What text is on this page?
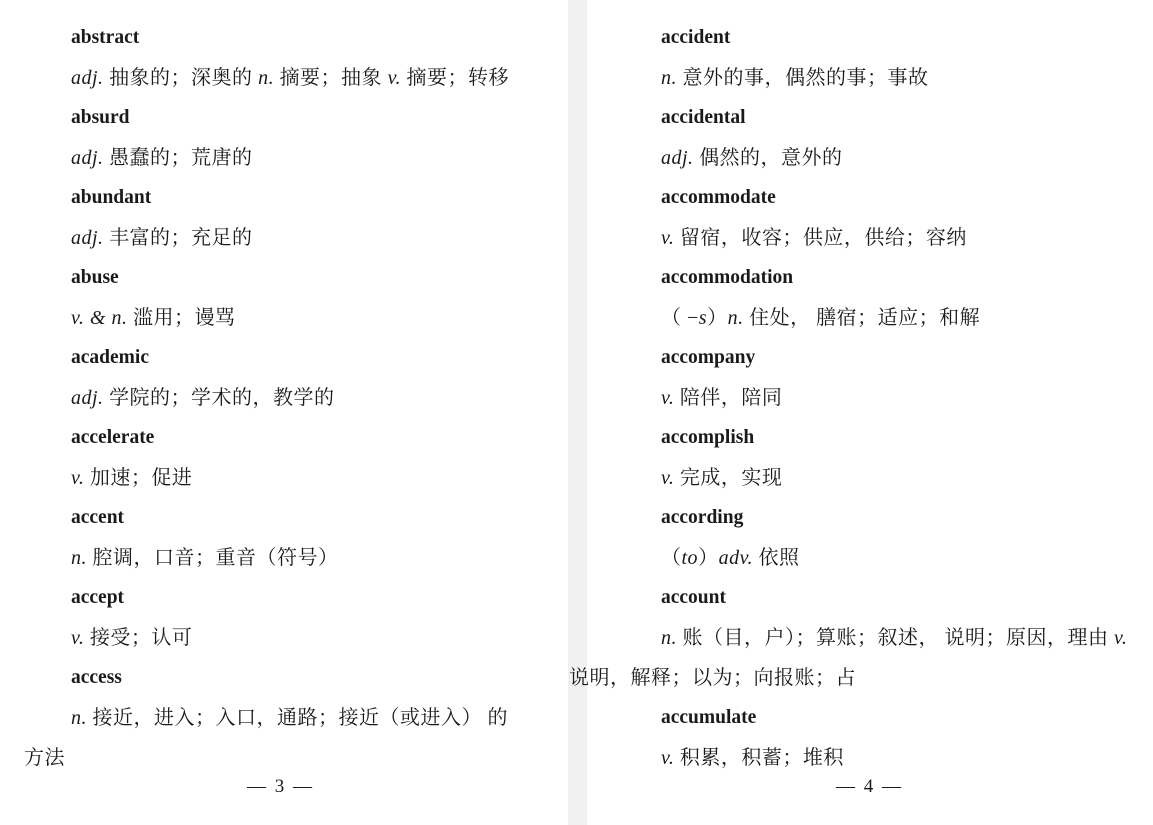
abstract
adj. 抽象的；深奥的 n. 摘要；抽象 v. 摘要；转移
absurd
adj. 愚蠢的；荒唐的
abundant
adj. 丰富的；充足的
abuse
v. & n. 滥用；谩骂
academic
adj. 学院的；学术的，教学的
accelerate
v. 加速；促进
accent
n. 腔调，口音；重音（符号）
accept
v. 接受；认可
access
n. 接近，进入；入口，通路；接近（或进入） 的
方法
— 3 —
accident
n. 意外的事，偶然的事；事故
accidental
adj. 偶然的，意外的
accommodate
v. 留宿，收容；供应，供给；容纳
accommodation
（ −s）n. 住处， 膳宿；适应；和解
accompany
v. 陪伴，陪同
accomplish
v. 完成，实现
according
（to）adv. 依照
account
n. 账（目，户）；算账；叙述， 说明；原因，理由 v.
说明，解释；以为；向报账；占
accumulate
v. 积累，积蓄；堆积
— 4 —
